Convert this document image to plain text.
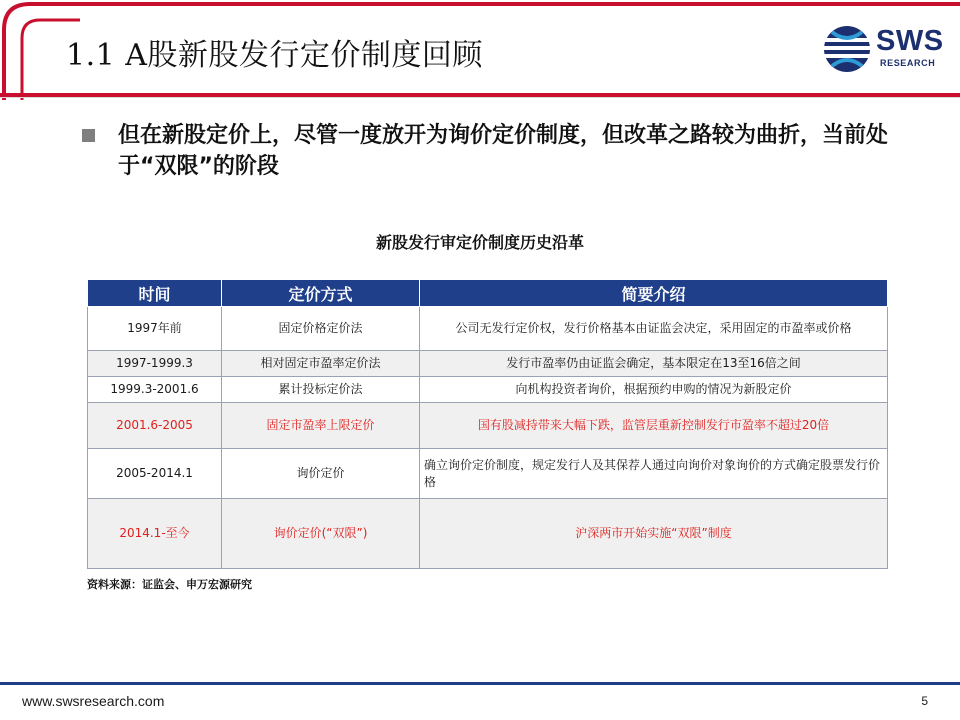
1.1 A股新股发行定价制度回顾	SWS
RESEARCH
但在新股定价上，尽管一度放开为询价定价制度，但改革之路较为曲折，当前处于“双限”的阶段
新股发行审定价制度历史沿革
时间	定价方式	简要介绍
1997年前	固定价格定价法	公司无发行定价权，发行价格基本由证监会决定，采用固定的市盈率或价格
1997-1999.3	相对固定市盈率定价法	发行市盈率仍由证监会确定，基本限定在13至16倍之间
1999.3-2001.6	累计投标定价法	向机构投资者询价，根据预约申购的情况为新股定价
2001.6-2005	固定市盈率上限定价	国有股减持带来大幅下跌，监管层重新控制发行市盈率不超过20倍
2005-2014.1	询价定价	确立询价定价制度，规定发行人及其保荐人通过向询价对象询价的方式确定股票发行价格
2014.1-至今	询价定价(“双限”)	沪深两市开始实施“双限”制度
资料来源：证监会、申万宏源研究
www.swsresearch.com	5
